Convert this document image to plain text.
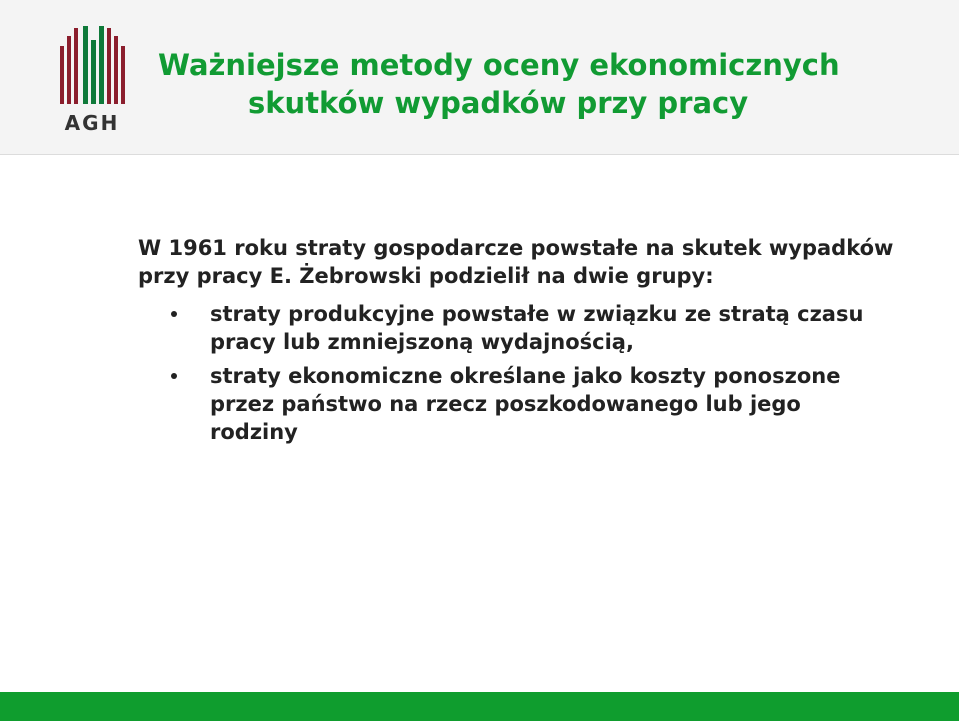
AGH
Ważniejsze metody oceny ekonomicznych
skutków wypadków przy pracy

W 1961 roku straty gospodarcze powstałe na skutek wypadków przy pracy E. Żebrowski podzielił na dwie grupy:

straty produkcyjne powstałe w związku ze stratą czasu pracy lub zmniejszoną wydajnością,
straty ekonomiczne określane jako koszty ponoszone przez państwo na rzecz poszkodowanego lub jego rodziny
